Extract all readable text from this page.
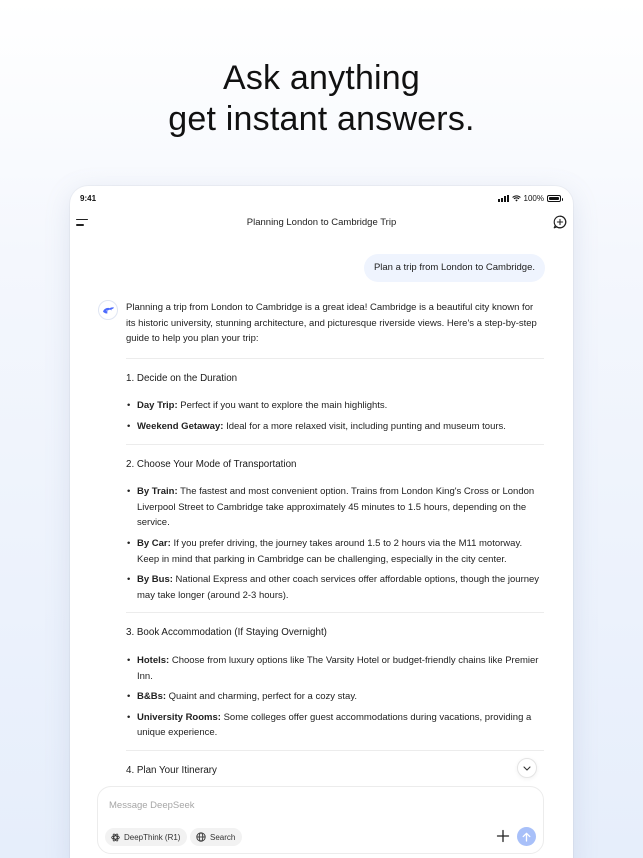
Ask anything
get instant answers.
9:41	100%
Planning London to Cambridge Trip
Plan a trip from London to Cambridge.
Planning a trip from London to Cambridge is a great idea! Cambridge is a beautiful city known for its historic university, stunning architecture, and picturesque riverside views. Here's a step-by-step guide to help you plan your trip:
1. Decide on the Duration
• Day Trip: Perfect if you want to explore the main highlights.
• Weekend Getaway: Ideal for a more relaxed visit, including punting and museum tours.
2. Choose Your Mode of Transportation
• By Train: The fastest and most convenient option. Trains from London King's Cross or London Liverpool Street to Cambridge take approximately 45 minutes to 1.5 hours, depending on the service.
• By Car: If you prefer driving, the journey takes around 1.5 to 2 hours via the M11 motorway. Keep in mind that parking in Cambridge can be challenging, especially in the city center.
• By Bus: National Express and other coach services offer affordable options, though the journey may take longer (around 2-3 hours).
3. Book Accommodation (If Staying Overnight)
• Hotels: Choose from luxury options like The Varsity Hotel or budget-friendly chains like Premier Inn.
• B&Bs: Quaint and charming, perfect for a cozy stay.
• University Rooms: Some colleges offer guest accommodations during vacations, providing a unique experience.
4. Plan Your Itinerary
Message DeepSeek
DeepThink (R1)	Search
